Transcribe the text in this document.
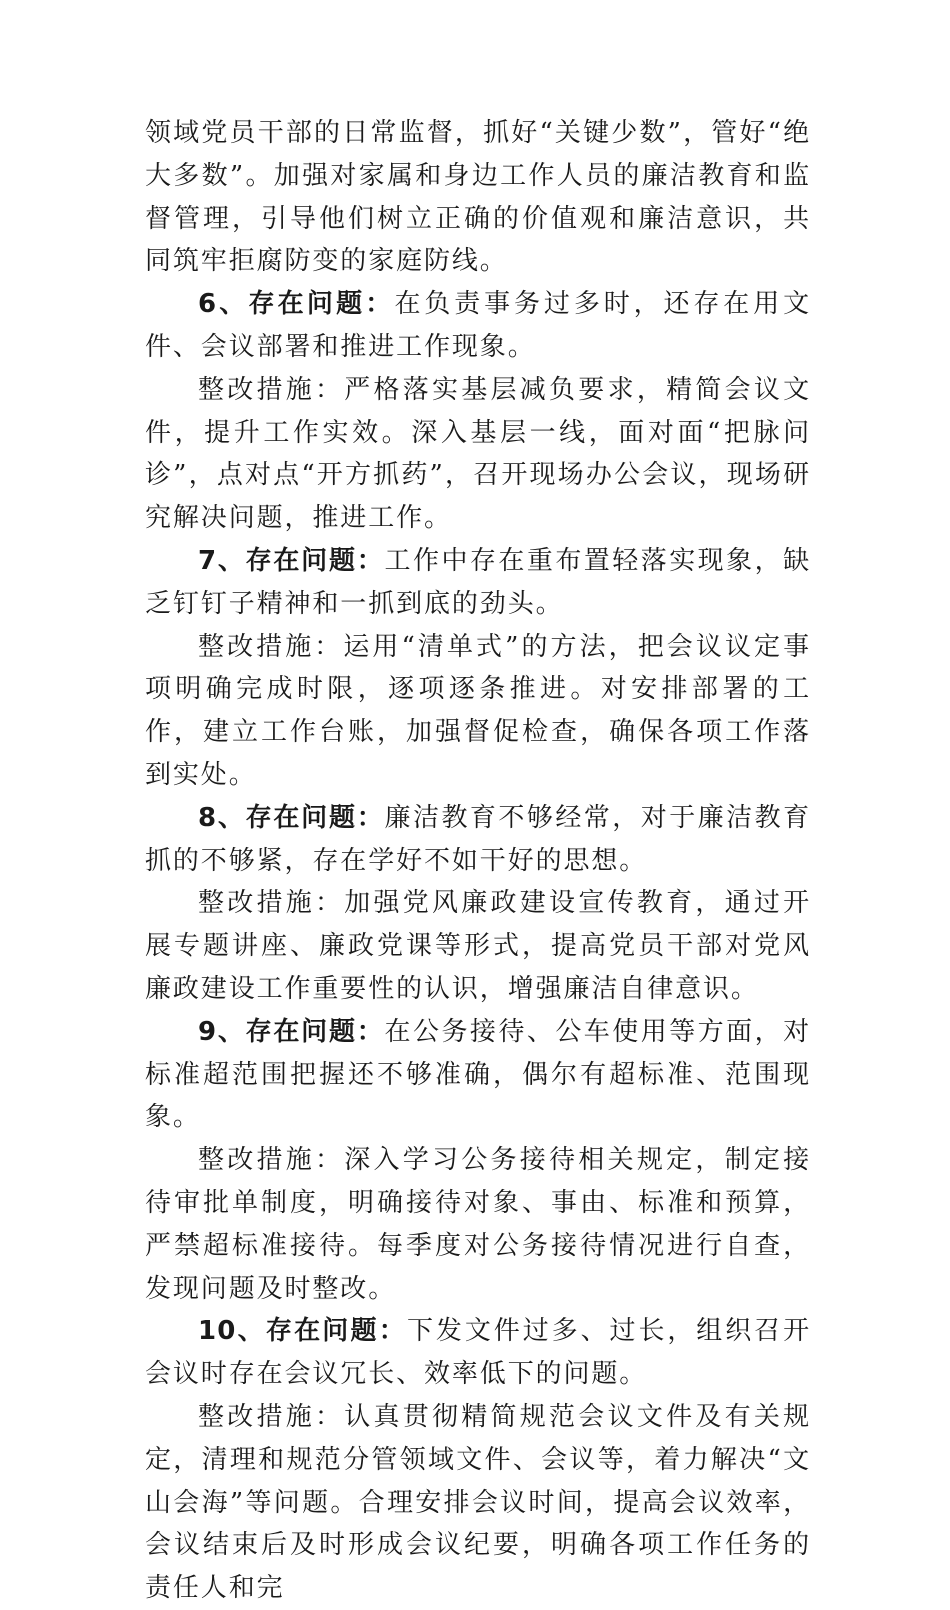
领域党员干部的日常监督，抓好“关键少数”，管好“绝大多数”。加强对家属和身边工作人员的廉洁教育和监督管理，引导他们树立正确的价值观和廉洁意识，共同筑牢拒腐防变的家庭防线。

6、存在问题：在负责事务过多时，还存在用文件、会议部署和推进工作现象。

整改措施：严格落实基层减负要求，精简会议文件，提升工作实效。深入基层一线，面对面“把脉问诊”，点对点“开方抓药”，召开现场办公会议，现场研究解决问题，推进工作。

7、存在问题：工作中存在重布置轻落实现象，缺乏钉钉子精神和一抓到底的劲头。

整改措施：运用“清单式”的方法，把会议议定事项明确完成时限，逐项逐条推进。对安排部署的工作，建立工作台账，加强督促检查，确保各项工作落到实处。

8、存在问题：廉洁教育不够经常，对于廉洁教育抓的不够紧，存在学好不如干好的思想。

整改措施：加强党风廉政建设宣传教育，通过开展专题讲座、廉政党课等形式，提高党员干部对党风廉政建设工作重要性的认识，增强廉洁自律意识。

9、存在问题：在公务接待、公车使用等方面，对标准超范围把握还不够准确，偶尔有超标准、范围现象。

整改措施：深入学习公务接待相关规定，制定接待审批单制度，明确接待对象、事由、标准和预算，严禁超标准接待。每季度对公务接待情况进行自查，发现问题及时整改。

10、存在问题：下发文件过多、过长，组织召开会议时存在会议冗长、效率低下的问题。

整改措施：认真贯彻精简规范会议文件及有关规定，清理和规范分管领域文件、会议等，着力解决“文山会海”等问题。合理安排会议时间，提高会议效率，会议结束后及时形成会议纪要，明确各项工作任务的责任人和完
